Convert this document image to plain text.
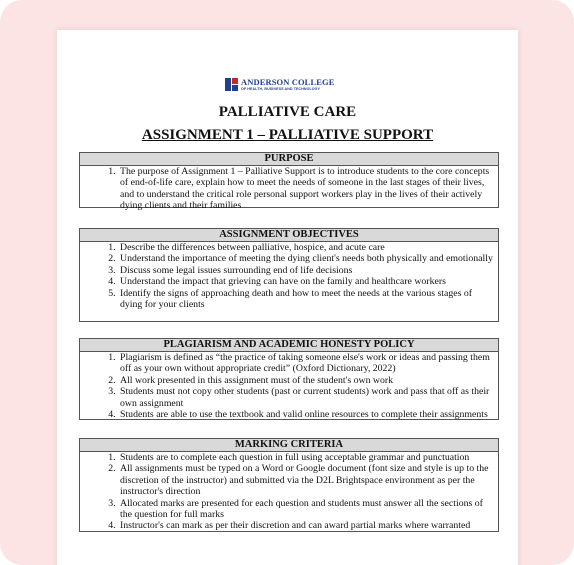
ANDERSON COLLEGE
OF HEALTH, BUSINESS AND TECHNOLOGY
PALLIATIVE CARE
ASSIGNMENT 1 – PALLIATIVE SUPPORT
PURPOSE
1. The purpose of Assignment 1 – Palliative Support is to introduce students to the core concepts of end-of-life care, explain how to meet the needs of someone in the last stages of their lives, and to understand the critical role personal support workers play in the lives of their actively dying clients and their families
ASSIGNMENT OBJECTIVES
1. Describe the differences between palliative, hospice, and acute care
2. Understand the importance of meeting the dying client's needs both physically and emotionally
3. Discuss some legal issues surrounding end of life decisions
4. Understand the impact that grieving can have on the family and healthcare workers
5. Identify the signs of approaching death and how to meet the needs at the various stages of dying for your clients
PLAGIARISM AND ACADEMIC HONESTY POLICY
1. Plagiarism is defined as “the practice of taking someone else's work or ideas and passing them off as your own without appropriate credit” (Oxford Dictionary, 2022)
2. All work presented in this assignment must of the student's own work
3. Students must not copy other students (past or current students) work and pass that off as their own assignment
4. Students are able to use the textbook and valid online resources to complete their assignments
MARKING CRITERIA
1. Students are to complete each question in full using acceptable grammar and punctuation
2. All assignments must be typed on a Word or Google document (font size and style is up to the discretion of the instructor) and submitted via the D2L Brightspace environment as per the instructor's direction
3. Allocated marks are presented for each question and students must answer all the sections of the question for full marks
4. Instructor's can mark as per their discretion and can award partial marks where warranted
